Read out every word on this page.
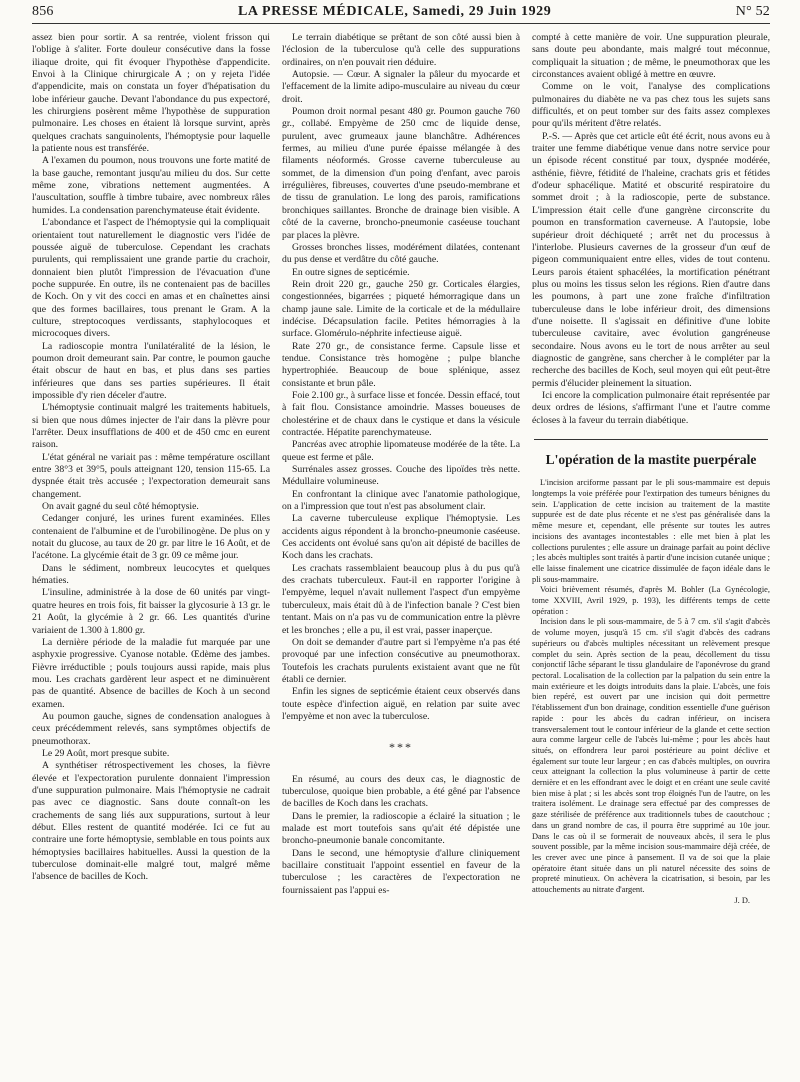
856	LA PRESSE MÉDICALE, Samedi, 29 Juin 1929	N° 52

assez bien pour sortir. A sa rentrée, violent frisson qui l'oblige à s'aliter. Forte douleur consécutive dans la fosse iliaque droite, qui fit évoquer l'hypothèse d'appendicite. Envoi à la Clinique chirurgicale A ; on y rejeta l'idée d'appendicite, mais on constata un foyer d'hépatisation du lobe inférieur gauche. Devant l'abondance du pus expectoré, les chirurgiens posèrent même l'hypothèse de suppuration pulmonaire. Les choses en étaient là lorsque survint, après quelques crachats sanguinolents, l'hémoptysie pour laquelle la patiente nous est transférée.

A l'examen du poumon, nous trouvons une forte matité de la base gauche, remontant jusqu'au milieu du dos. Sur cette même zone, vibrations nettement augmentées. A l'auscultation, souffle à timbre tubaire, avec nombreux râles humides. La condensation parenchymateuse était évidente.

L'abondance et l'aspect de l'hémoptysie qui la compliquait orientaient tout naturellement le diagnostic vers l'idée de poussée aiguë de tuberculose. Cependant les crachats purulents, qui remplissaient une grande partie du crachoir, donnaient bien plutôt l'impression de l'évacuation d'une poche suppurée. En outre, ils ne contenaient pas de bacilles de Koch. On y vit des cocci en amas et en chaînettes ainsi que des formes bacillaires, tous prenant le Gram. A la culture, streptocoques verdissants, staphylocoques et microcoques divers.

La radioscopie montra l'unilatéralité de la lésion, le poumon droit demeurant sain. Par contre, le poumon gauche était obscur de haut en bas, et plus dans ses parties inférieures que dans ses parties supérieures. Il était impossible d'y rien déceler d'autre.

L'hémoptysie continuait malgré les traitements habituels, si bien que nous dûmes injecter de l'air dans la plèvre pour l'arrêter. Deux insufflations de 400 et de 450 cmc en eurent raison.

L'état général ne variait pas : même température oscillant entre 38°3 et 39°5, pouls atteignant 120, tension 115-65. La dyspnée était très accusée ; l'expectoration demeurait sans changement.

On avait gagné du seul côté hémoptysie.

Cedanger conjuré, les urines furent examinées. Elles contenaient de l'albumine et de l'urobilinogène. De plus on y notait du glucose, au taux de 20 gr. par litre le 16 Août, et de l'acétone. La glycémie était de 3 gr. 09 ce même jour.

Dans le sédiment, nombreux leucocytes et quelques hématies.

L'insuline, administrée à la dose de 60 unités par vingt-quatre heures en trois fois, fit baisser la glycosurie à 13 gr. le 21 Août, la glycémie à 2 gr. 66. Les quantités d'urine variaient de 1.300 à 1.800 gr.

La dernière période de la maladie fut marquée par une asphyxie progressive. Cyanose notable. Œdème des jambes. Fièvre irréductible ; pouls toujours aussi rapide, mais plus mou. Les crachats gardèrent leur aspect et ne diminuèrent pas de quantité. Absence de bacilles de Koch à un second examen.

Au poumon gauche, signes de condensation analogues à ceux précédemment relevés, sans symptômes objectifs de pneumothorax.

Le 29 Août, mort presque subite.

A synthétiser rétrospectivement les choses, la fièvre élevée et l'expectoration purulente donnaient l'impression d'une suppuration pulmonaire. Mais l'hémoptysie ne cadrait pas avec ce diagnostic. Sans doute connaît-on les crachements de sang liés aux suppurations, surtout à leur début. Elles restent de quantité modérée. Ici ce fut au contraire une forte hémoptysie, semblable en tous points aux hémoptysies bacillaires habituelles. Aussi la question de la tuberculose dominait-elle malgré tout, malgré même l'absence de bacilles de Koch.

Le terrain diabétique se prêtant de son côté aussi bien à l'éclosion de la tuberculose qu'à celle des suppurations ordinaires, on n'en pouvait rien déduire.

Autopsie. — Cœur. A signaler la pâleur du myocarde et l'effacement de la limite adipo-musculaire au niveau du cœur droit.

Poumon droit normal pesant 480 gr. Poumon gauche 760 gr., collabé. Empyème de 250 cmc de liquide dense, purulent, avec grumeaux jaune blanchâtre. Adhérences fermes, au milieu d'une purée épaisse mélangée à des filaments néoformés. Grosse caverne tuberculeuse au sommet, de la dimension d'un poing d'enfant, avec parois irrégulières, fibreuses, couvertes d'une pseudo-membrane et de tissu de granulation. Le long des parois, ramifications bronchiques saillantes. Bronche de drainage bien visible. A côté de la caverne, broncho-pneumonie caséeuse touchant par places la plèvre.

Grosses bronches lisses, modérément dilatées, contenant du pus dense et verdâtre du côté gauche.

En outre signes de septicémie.

Rein droit 220 gr., gauche 250 gr. Corticales élargies, congestionnées, bigarrées ; piqueté hémorragique dans un champ jaune sale. Limite de la corticale et de la médullaire indécise. Décapsulation facile. Petites hémorragies à la surface. Glomérulo-néphrite infectieuse aiguë.

Rate 270 gr., de consistance ferme. Capsule lisse et tendue. Consistance très homogène ; pulpe blanche hypertrophiée. Beaucoup de boue splénique, assez consistante et brun pâle.

Foie 2.100 gr., à surface lisse et foncée. Dessin effacé, tout à fait flou. Consistance amoindrie. Masses boueuses de cholestérine et de chaux dans le cystique et dans la vésicule contractée. Hépatite parenchymateuse.

Pancréas avec atrophie lipomateuse modérée de la tête. La queue est ferme et pâle.

Surrénales assez grosses. Couche des lipoïdes très nette. Médullaire volumineuse.

En confrontant la clinique avec l'anatomie pathologique, on a l'impression que tout n'est pas absolument clair.

La caverne tuberculeuse explique l'hémoptysie. Les accidents aigus répondent à la broncho-pneumonie caséeuse. Ces accidents ont évolué sans qu'on ait dépisté de bacilles de Koch dans les crachats.

Les crachats rassemblaient beaucoup plus à du pus qu'à des crachats tuberculeux. Faut-il en rapporter l'origine à l'empyème, lequel n'avait nullement l'aspect d'un empyème tuberculeux, mais était dû à de l'infection banale ? C'est bien tentant. Mais on n'a pas vu de communication entre la plèvre et les bronches ; elle a pu, il est vrai, passer inaperçue.

On doit se demander d'autre part si l'empyème n'a pas été provoqué par une infection consécutive au pneumothorax. Toutefois les crachats purulents existaient avant que ne fût établi ce dernier.

Enfin les signes de septicémie étaient ceux observés dans toute espèce d'infection aiguë, en relation par suite avec l'empyème et non avec la tuberculose.

***

En résumé, au cours des deux cas, le diagnostic de tuberculose, quoique bien probable, a été gêné par l'absence de bacilles de Koch dans les crachats.

Dans le premier, la radioscopie a éclairé la situation ; le malade est mort toutefois sans qu'ait été dépistée une broncho-pneumonie banale concomitante.

Dans le second, une hémoptysie d'allure cliniquement bacillaire constituait l'appoint essentiel en faveur de la tuberculose ; les caractères de l'expectoration ne fournissaient pas l'appui es-

compté à cette manière de voir. Une suppuration pleurale, sans doute peu abondante, mais malgré tout méconnue, compliquait la situation ; de même, le pneumothorax que les circonstances avaient obligé à mettre en œuvre.

Comme on le voit, l'analyse des complications pulmonaires du diabète ne va pas chez tous les sujets sans difficultés, et on peut tomber sur des faits assez complexes pour qu'ils méritent d'être relatés.

P.-S. — Après que cet article eût été écrit, nous avons eu à traiter une femme diabétique venue dans notre service pour un épisode récent constitué par toux, dyspnée modérée, asthénie, fièvre, fétidité de l'haleine, crachats gris et fétides d'odeur sphacélique. Matité et obscurité respiratoire du sommet droit ; à la radioscopie, perte de substance. L'impression était celle d'une gangrène circonscrite du poumon en transformation caverneuse. A l'autopsie, lobe supérieur droit déchiqueté ; arrêt net du processus à l'interlobe. Plusieurs cavernes de la grosseur d'un œuf de pigeon communiquaient entre elles, vides de tout contenu. Leurs parois étaient sphacélées, la mortification pénétrant plus ou moins les tissus selon les régions. Rien d'autre dans les poumons, à part une zone fraîche d'infiltration tuberculeuse dans le lobe inférieur droit, des dimensions d'une noisette. Il s'agissait en définitive d'une lobite tuberculeuse cavitaire, avec évolution gangréneuse secondaire. Nous avons eu le tort de nous arrêter au seul diagnostic de gangrène, sans chercher à le compléter par la recherche des bacilles de Koch, seul moyen qui eût peut-être permis d'élucider pleinement la situation.

Ici encore la complication pulmonaire était représentée par deux ordres de lésions, s'affirmant l'une et l'autre comme écloses à la faveur du terrain diabétique.

L'opération de la mastite puerpérale

L'incision arciforme passant par le pli sous-mammaire est depuis longtemps la voie préférée pour l'extirpation des tumeurs bénignes du sein. L'application de cette incision au traitement de la mastite suppurée est de date plus récente et ne s'est pas généralisée dans la même mesure et, cependant, elle présente sur toutes les autres incisions des avantages incontestables : elle met bien à plat les collections purulentes ; elle assure un drainage parfait au point déclive ; les abcès multiples sont traités à partir d'une incision cutanée unique ; elle laisse finalement une cicatrice dissimulée de façon idéale dans le pli sous-mammaire.

Voici brièvement résumés, d'après M. Bohler (La Gynécologie, tome XXVIII, Avril 1929, p. 193), les différents temps de cette opération :

Incision dans le pli sous-mammaire, de 5 à 7 cm. s'il s'agit d'abcès de volume moyen, jusqu'à 15 cm. s'il s'agit d'abcès des cadrans supérieurs ou d'abcès multiples nécessitant un relèvement presque complet du sein. Après section de la peau, décollement du tissu conjonctif lâche séparant le tissu glandulaire de l'aponévrose du grand pectoral. Localisation de la collection par la palpation du sein entre la main extérieure et les doigts introduits dans la plaie. L'abcès, une fois bien repéré, est ouvert par une incision qui doit permettre l'établissement d'un bon drainage, condition essentielle d'une guérison rapide : pour les abcès du cadran inférieur, on incisera transversalement tout le contour inférieur de la glande et cette section aura comme largeur celle de l'abcès lui-même ; pour les abcès haut situés, on effondrera leur paroi postérieure au point déclive et également sur toute leur largeur ; en cas d'abcès multiples, on ouvrira ceux atteignant la collection la plus volumineuse à partir de cette dernière et en les effondrant avec le doigt et en créant une seule cavité bien mise à plat ; si les abcès sont trop éloignés l'un de l'autre, on les traitera isolément. Le drainage sera effectué par des compresses de gaze stérilisée de préférence aux traditionnels tubes de caoutchouc ; dans un grand nombre de cas, il pourra être supprimé au 10e jour. Dans le cas où il se formerait de nouveaux abcès, il sera le plus souvent possible, par la même incision sous-mammaire déjà créée, de les crever avec une pince à pansement. Il va de soi que la plaie opératoire étant située dans un pli naturel nécessite des soins de propreté minutieux. On achèvera la cicatrisation, si besoin, par les attouchements au nitrate d'argent.

J. D.
